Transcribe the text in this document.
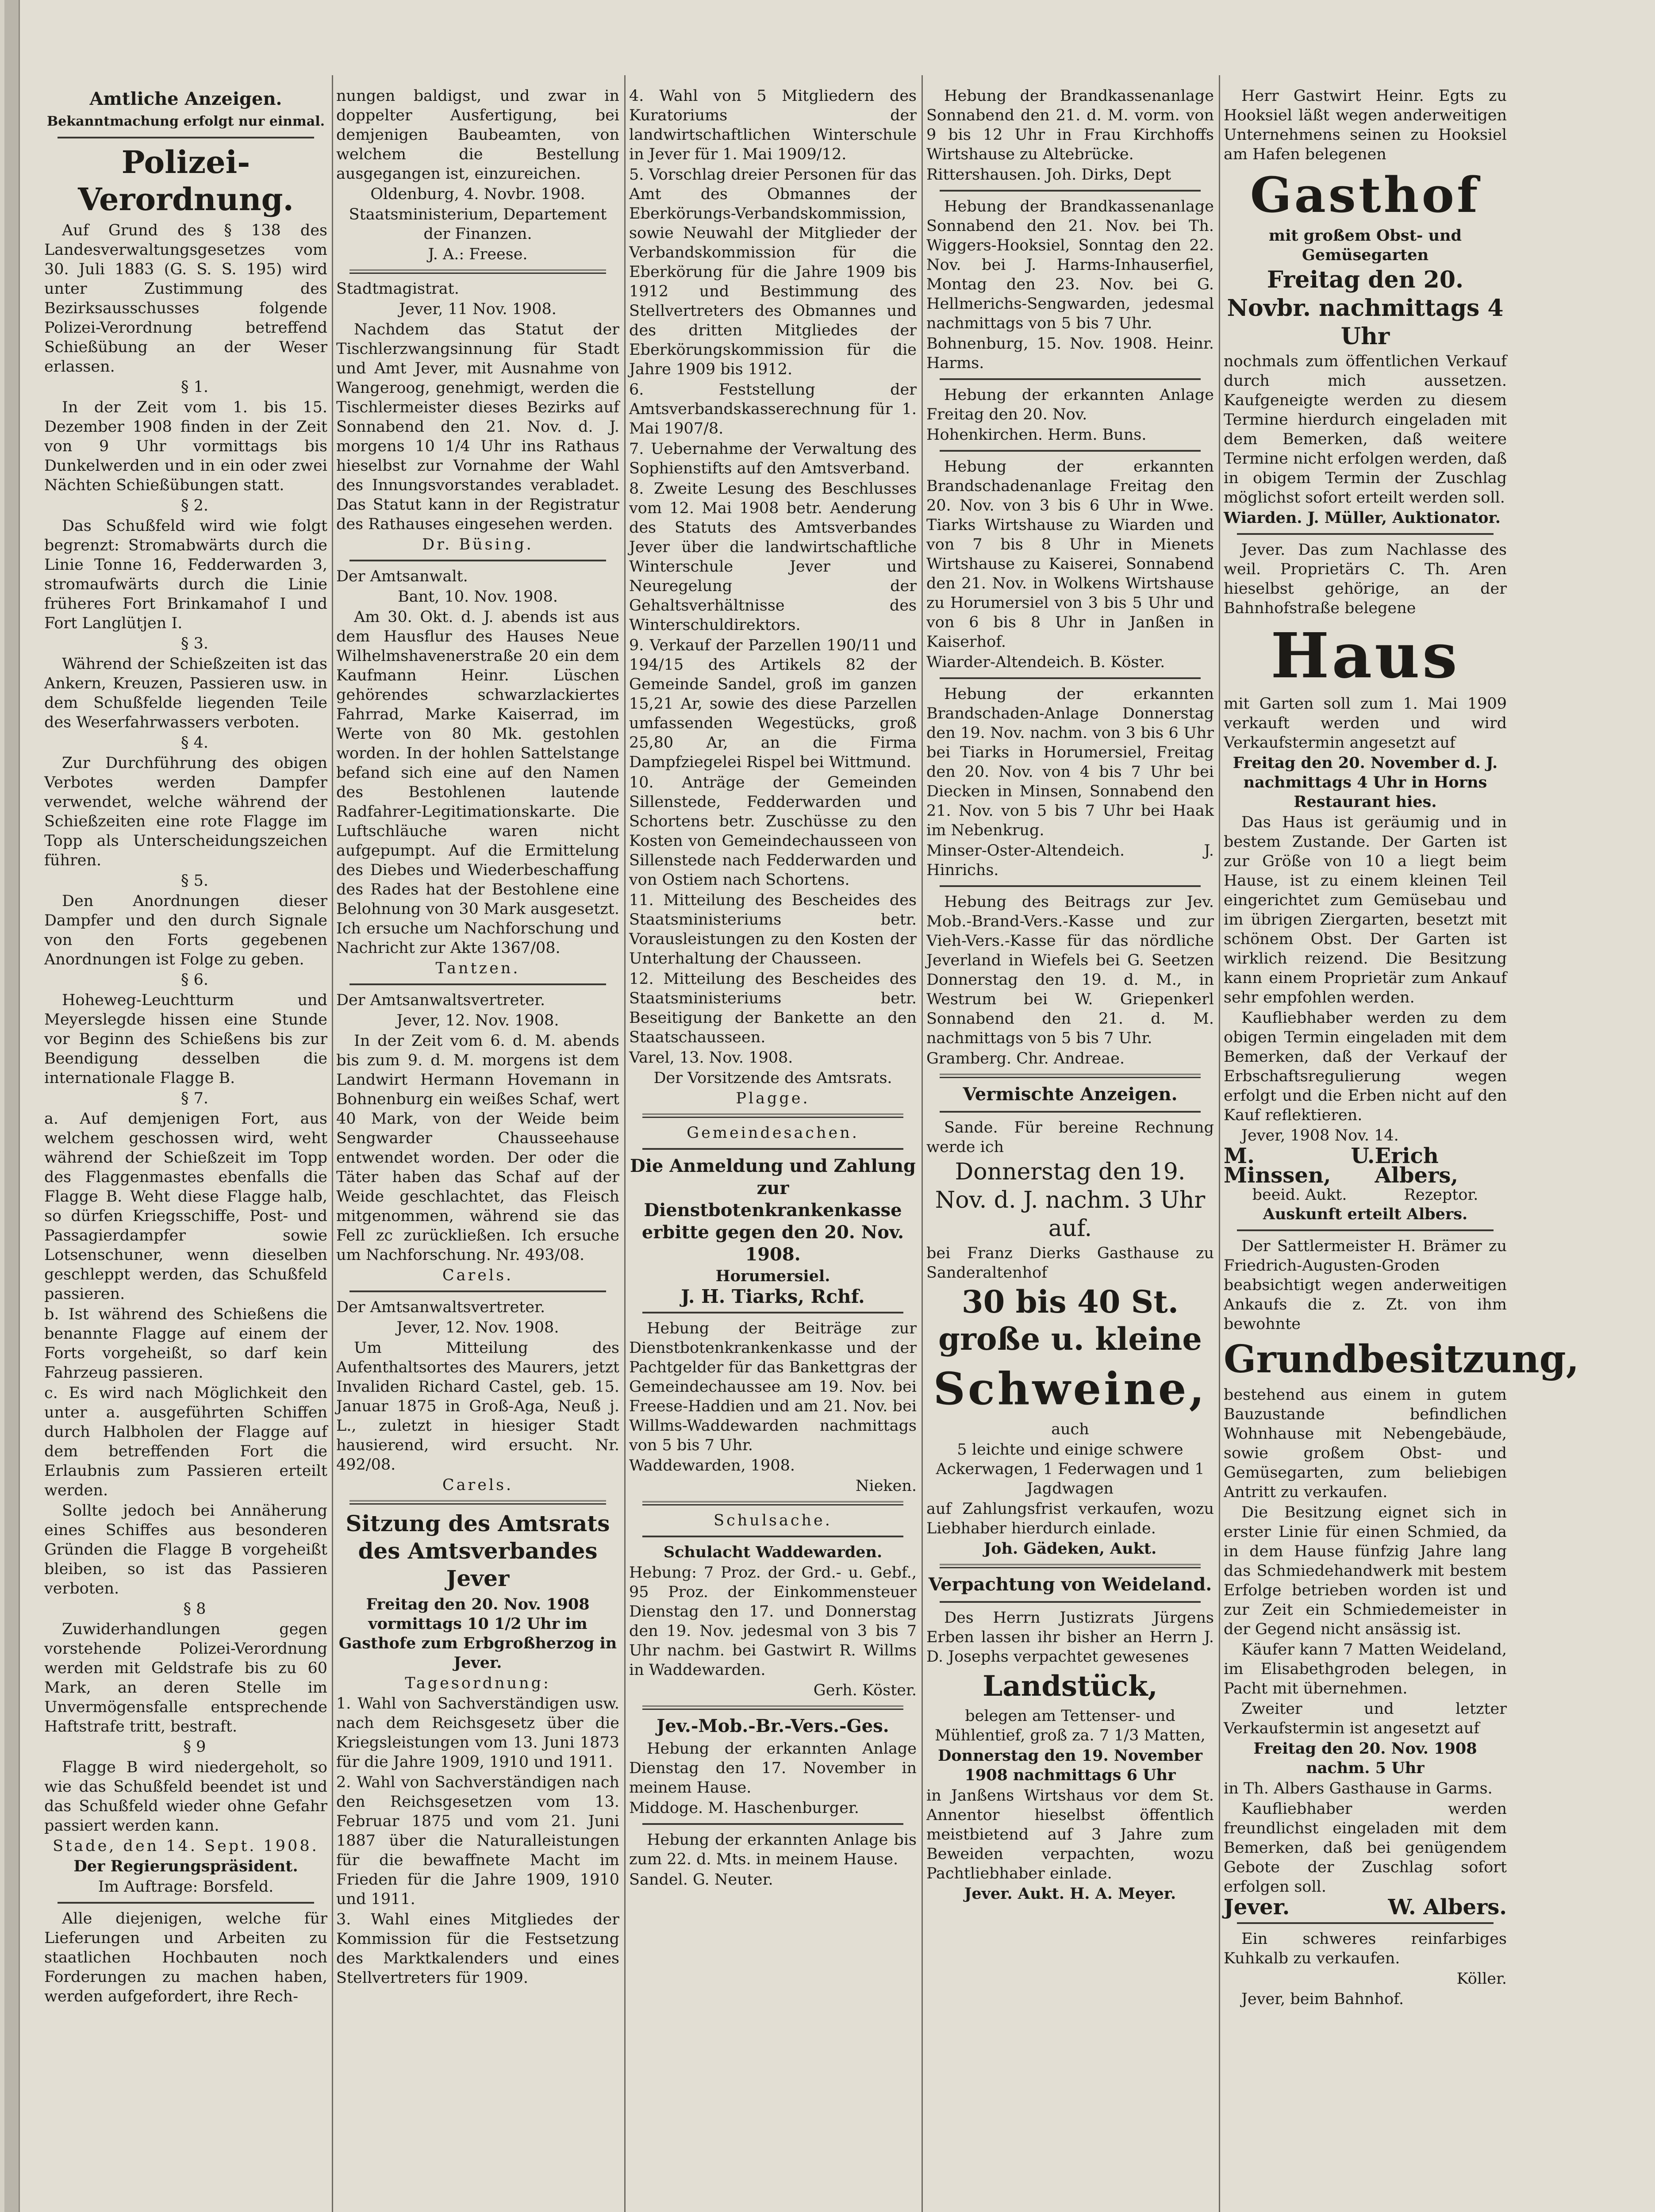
Amtliche Anzeigen.
Bekanntmachung erfolgt nur einmal.
Polizei-Verordnung.

Auf Grund des § 138 des Landesverwaltungsgesetzes vom 30. Juli 1883 (G. S. S. 195) wird unter Zustimmung des Bezirksausschusses folgende Polizei-Verordnung betreffend Schießübung an der Weser erlassen.

§ 1.

In der Zeit vom 1. bis 15. Dezember 1908 finden in der Zeit von 9 Uhr vormittags bis Dunkelwerden und in ein oder zwei Nächten Schießübungen statt.

§ 2.

Das Schußfeld wird wie folgt begrenzt: Stromabwärts durch die Linie Tonne 16, Fedderwarden 3, stromaufwärts durch die Linie früheres Fort Brinkamahof I und Fort Langlütjen I.

§ 3.

Während der Schießzeiten ist das Ankern, Kreuzen, Passieren usw. in dem Schußfelde liegenden Teile des Weserfahrwassers verboten.

§ 4.

Zur Durchführung des obigen Verbotes werden Dampfer verwendet, welche während der Schießzeiten eine rote Flagge im Topp als Unterscheidungszeichen führen.

§ 5.

Den Anordnungen dieser Dampfer und den durch Signale von den Forts gegebenen Anordnungen ist Folge zu geben.

§ 6.

Hoheweg-Leuchtturm und Meyerslegde hissen eine Stunde vor Beginn des Schießens bis zur Beendigung desselben die internationale Flagge B.

§ 7.

a. Auf demjenigen Fort, aus welchem geschossen wird, weht während der Schießzeit im Topp des Flaggenmastes ebenfalls die Flagge B. Weht diese Flagge halb, so dürfen Kriegsschiffe, Post- und Passagierdampfer sowie Lotsenschuner, wenn dieselben geschleppt werden, das Schußfeld passieren.

b. Ist während des Schießens die benannte Flagge auf einem der Forts vorgeheißt, so darf kein Fahrzeug passieren.

c. Es wird nach Möglichkeit den unter a. ausgeführten Schiffen durch Halbholen der Flagge auf dem betreffenden Fort die Erlaubnis zum Passieren erteilt werden.

Sollte jedoch bei Annäherung eines Schiffes aus besonderen Gründen die Flagge B vorgeheißt bleiben, so ist das Passieren verboten.

§ 8

Zuwiderhandlungen gegen vorstehende Polizei-Verordnung werden mit Geldstrafe bis zu 60 Mark, an deren Stelle im Unvermögensfalle entsprechende Haftstrafe tritt, bestraft.

§ 9

Flagge B wird niedergeholt, so wie das Schußfeld beendet ist und das Schußfeld wieder ohne Gefahr passiert werden kann.

Stade, den 14. Sept. 1908.

Der Regierungspräsident.

Im Auftrage: Borsfeld.

Alle diejenigen, welche für Lieferungen und Arbeiten zu staatlichen Hochbauten noch Forderungen zu machen haben, werden aufgefordert, ihre Rech-

nungen baldigst, und zwar in doppelter Ausfertigung, bei demjenigen Baubeamten, von welchem die Bestellung ausgegangen ist, einzureichen.

Oldenburg, 4. Novbr. 1908.

Staatsministerium, Departement der Finanzen.

J. A.: Freese.

Stadtmagistrat.

Jever, 11 Nov. 1908.

Nachdem das Statut der Tischlerzwangsinnung für Stadt und Amt Jever, mit Ausnahme von Wangeroog, genehmigt, werden die Tischlermeister dieses Bezirks auf Sonnabend den 21. Nov. d. J. morgens 10 1/4 Uhr ins Rathaus hieselbst zur Vornahme der Wahl des Innungsvorstandes verabladet. Das Statut kann in der Registratur des Rathauses eingesehen werden.

Dr. Büsing.

Der Amtsanwalt.

Bant, 10. Nov. 1908.

Am 30. Okt. d. J. abends ist aus dem Hausflur des Hauses Neue Wilhelmshavenerstraße 20 ein dem Kaufmann Heinr. Lüschen gehörendes schwarzlackiertes Fahrrad, Marke Kaiserrad, im Werte von 80 Mk. gestohlen worden. In der hohlen Sattelstange befand sich eine auf den Namen des Bestohlenen lautende Radfahrer-Legitimationskarte. Die Luftschläuche waren nicht aufgepumpt. Auf die Ermittelung des Diebes und Wiederbeschaffung des Rades hat der Bestohlene eine Belohnung von 30 Mark ausgesetzt. Ich ersuche um Nachforschung und Nachricht zur Akte 1367/08.

Tantzen.

Der Amtsanwaltsvertreter.

Jever, 12. Nov. 1908.

In der Zeit vom 6. d. M. abends bis zum 9. d. M. morgens ist dem Landwirt Hermann Hovemann in Bohnenburg ein weißes Schaf, wert 40 Mark, von der Weide beim Sengwarder Chausseehause entwendet worden. Der oder die Täter haben das Schaf auf der Weide geschlachtet, das Fleisch mitgenommen, während sie das Fell zc zurückließen. Ich ersuche um Nachforschung. Nr. 493/08.

Carels.

Der Amtsanwaltsvertreter.

Jever, 12. Nov. 1908.

Um Mitteilung des Aufenthaltsortes des Maurers, jetzt Invaliden Richard Castel, geb. 15. Januar 1875 in Groß-Aga, Neuß j. L., zuletzt in hiesiger Stadt hausierend, wird ersucht. Nr. 492/08.

Carels.

Sitzung des Amtsrats des Amtsverbandes Jever

Freitag den 20. Nov. 1908 vormittags 10 1/2 Uhr im Gasthofe zum Erbgroßherzog in Jever.

Tagesordnung:

1. Wahl von Sachverständigen usw. nach dem Reichsgesetz über die Kriegsleistungen vom 13. Juni 1873 für die Jahre 1909, 1910 und 1911.

2. Wahl von Sachverständigen nach den Reichsgesetzen vom 13. Februar 1875 und vom 21. Juni 1887 über die Naturalleistungen für die bewaffnete Macht im Frieden für die Jahre 1909, 1910 und 1911.

3. Wahl eines Mitgliedes der Kommission für die Festsetzung des Marktkalenders und eines Stellvertreters für 1909.

4. Wahl von 5 Mitgliedern des Kuratoriums der landwirtschaftlichen Winterschule in Jever für 1. Mai 1909/12.

5. Vorschlag dreier Personen für das Amt des Obmannes der Eberkörungs-Verbandskommission, sowie Neuwahl der Mitglieder der Verbandskommission für die Eberkörung für die Jahre 1909 bis 1912 und Bestimmung des Stellvertreters des Obmannes und des dritten Mitgliedes der Eberkörungskommission für die Jahre 1909 bis 1912.

6. Feststellung der Amtsverbandskasserechnung für 1. Mai 1907/8.

7. Uebernahme der Verwaltung des Sophienstifts auf den Amtsverband.

8. Zweite Lesung des Beschlusses vom 12. Mai 1908 betr. Aenderung des Statuts des Amtsverbandes Jever über die landwirtschaftliche Winterschule Jever und Neuregelung der Gehaltsverhältnisse des Winterschuldirektors.

9. Verkauf der Parzellen 190/11 und 194/15 des Artikels 82 der Gemeinde Sandel, groß im ganzen 15,21 Ar, sowie des diese Parzellen umfassenden Wegestücks, groß 25,80 Ar, an die Firma Dampfziegelei Rispel bei Wittmund.

10. Anträge der Gemeinden Sillenstede, Fedderwarden und Schortens betr. Zuschüsse zu den Kosten von Gemeindechausseen von Sillenstede nach Fedderwarden und von Ostiem nach Schortens.

11. Mitteilung des Bescheides des Staatsministeriums betr. Vorausleistungen zu den Kosten der Unterhaltung der Chausseen.

12. Mitteilung des Bescheides des Staatsministeriums betr. Beseitigung der Bankette an den Staatschausseen.

Varel, 13. Nov. 1908.

Der Vorsitzende des Amtsrats.

Plagge.

Gemeindesachen.

Die Anmeldung und Zahlung zur Dienstbotenkrankenkasse erbitte gegen den 20. Nov. 1908.

Horumersiel.

J. H. Tiarks, Rchf.

Hebung der Beiträge zur Dienstbotenkrankenkasse und der Pachtgelder für das Bankettgras der Gemeindechaussee am 19. Nov. bei Freese-Haddien und am 21. Nov. bei Willms-Waddewarden nachmittags von 5 bis 7 Uhr.

Waddewarden, 1908.

Nieken.

Schulsache.

Schulacht Waddewarden.

Hebung: 7 Proz. der Grd.- u. Gebf., 95 Proz. der Einkommensteuer Dienstag den 17. und Donnerstag den 19. Nov. jedesmal von 3 bis 7 Uhr nachm. bei Gastwirt R. Willms in Waddewarden.

Gerh. Köster.

Jev.-Mob.-Br.-Vers.-Ges.

Hebung der erkannten Anlage Dienstag den 17. November in meinem Hause.

Middoge. M. Haschenburger.

Hebung der erkannten Anlage bis zum 22. d. Mts. in meinem Hause.

Sandel. G. Neuter.

Hebung der Brandkassenanlage Sonnabend den 21. d. M. vorm. von 9 bis 12 Uhr in Frau Kirchhoffs Wirtshause zu Altebrücke.

Rittershausen. Joh. Dirks, Dept

Hebung der Brandkassenanlage Sonnabend den 21. Nov. bei Th. Wiggers-Hooksiel, Sonntag den 22. Nov. bei J. Harms-Inhauserfiel, Montag den 23. Nov. bei G. Hellmerichs-Sengwarden, jedesmal nachmittags von 5 bis 7 Uhr.

Bohnenburg, 15. Nov. 1908. Heinr. Harms.

Hebung der erkannten Anlage Freitag den 20. Nov.

Hohenkirchen. Herm. Buns.

Hebung der erkannten Brandschadenanlage Freitag den 20. Nov. von 3 bis 6 Uhr in Wwe. Tiarks Wirtshause zu Wiarden und von 7 bis 8 Uhr in Mienets Wirtshause zu Kaiserei, Sonnabend den 21. Nov. in Wolkens Wirtshause zu Horumersiel von 3 bis 5 Uhr und von 6 bis 8 Uhr in Janßen in Kaiserhof.

Wiarder-Altendeich. B. Köster.

Hebung der erkannten Brandschaden-Anlage Donnerstag den 19. Nov. nachm. von 3 bis 6 Uhr bei Tiarks in Horumersiel, Freitag den 20. Nov. von 4 bis 7 Uhr bei Diecken in Minsen, Sonnabend den 21. Nov. von 5 bis 7 Uhr bei Haak im Nebenkrug.

Minser-Oster-Altendeich. J. Hinrichs.

Hebung des Beitrags zur Jev. Mob.-Brand-Vers.-Kasse und zur Vieh-Vers.-Kasse für das nördliche Jeverland in Wiefels bei G. Seetzen Donnerstag den 19. d. M., in Westrum bei W. Griepenkerl Sonnabend den 21. d. M. nachmittags von 5 bis 7 Uhr.

Gramberg. Chr. Andreae.

Vermischte Anzeigen.

Sande. Für bereine Rechnung werde ich

Donnerstag den 19. Nov. d. J. nachm. 3 Uhr auf.

bei Franz Dierks Gasthause zu Sanderaltenhof

30 bis 40 St. große u. kleine

Schweine,

auch

5 leichte und einige schwere Ackerwagen, 1 Federwagen und 1 Jagdwagen

auf Zahlungsfrist verkaufen, wozu Liebhaber hierdurch einlade.

Joh. Gädeken, Aukt.

Verpachtung von Weideland.

Des Herrn Justizrats Jürgens Erben lassen ihr bisher an Herrn J. D. Josephs verpachtet gewesenes

Landstück,

belegen am Tettenser- und Mühlentief, groß za. 7 1/3 Matten,

Donnerstag den 19. November 1908 nachmittags 6 Uhr

in Janßens Wirtshaus vor dem St. Annentor hieselbst öffentlich meistbietend auf 3 Jahre zum Beweiden verpachten, wozu Pachtliebhaber einlade.

Jever. Aukt. H. A. Meyer.

Herr Gastwirt Heinr. Egts zu Hooksiel läßt wegen anderweitigen Unternehmens seinen zu Hooksiel am Hafen belegenen

Gasthof

mit großem Obst- und Gemüsegarten

Freitag den 20. Novbr. nachmittags 4 Uhr

nochmals zum öffentlichen Verkauf durch mich aussetzen. Kaufgeneigte werden zu diesem Termine hierdurch eingeladen mit dem Bemerken, daß weitere Termine nicht erfolgen werden, daß in obigem Termin der Zuschlag möglichst sofort erteilt werden soll.

Wiarden. J. Müller, Auktionator.

Jever. Das zum Nachlasse des weil. Proprietärs C. Th. Aren hieselbst gehörige, an der Bahnhofstraße belegene

Haus

mit Garten soll zum 1. Mai 1909 verkauft werden und wird Verkaufstermin angesetzt auf

Freitag den 20. November d. J. nachmittags 4 Uhr in Horns Restaurant hies.

Das Haus ist geräumig und in bestem Zustande. Der Garten ist zur Größe von 10 a liegt beim Hause, ist zu einem kleinen Teil eingerichtet zum Gemüsebau und im übrigen Ziergarten, besetzt mit schönem Obst. Der Garten ist wirklich reizend. Die Besitzung kann einem Proprietär zum Ankauf sehr empfohlen werden.

Kaufliebhaber werden zu dem obigen Termin eingeladen mit dem Bemerken, daß der Verkauf der Erbschaftsregulierung wegen erfolgt und die Erben nicht auf den Kauf reflektieren.

Jever, 1908 Nov. 14.

M. U. Minssen,
Erich Albers,
beeid. Aukt.	Rezeptor.

Auskunft erteilt Albers.

Der Sattlermeister H. Brämer zu Friedrich-Augusten-Groden beabsichtigt wegen anderweitigen Ankaufs die z. Zt. von ihm bewohnte

Grundbesitzung,

bestehend aus einem in gutem Bauzustande befindlichen Wohnhause mit Nebengebäude, sowie großem Obst- und Gemüsegarten, zum beliebigen Antritt zu verkaufen.

Die Besitzung eignet sich in erster Linie für einen Schmied, da in dem Hause fünfzig Jahre lang das Schmiedehandwerk mit bestem Erfolge betrieben worden ist und zur Zeit ein Schmiedemeister in der Gegend nicht ansässig ist.

Käufer kann 7 Matten Weideland, im Elisabethgroden belegen, in Pacht mit übernehmen.

Zweiter und letzter Verkaufstermin ist angesetzt auf

Freitag den 20. Nov. 1908 nachm. 5 Uhr

in Th. Albers Gasthause in Garms.

Kaufliebhaber werden freundlichst eingeladen mit dem Bemerken, daß bei genügendem Gebote der Zuschlag sofort erfolgen soll.

Jever.	W. Albers.

Ein schweres reinfarbiges Kuhkalb zu verkaufen.

Köller.

Jever, beim Bahnhof.
